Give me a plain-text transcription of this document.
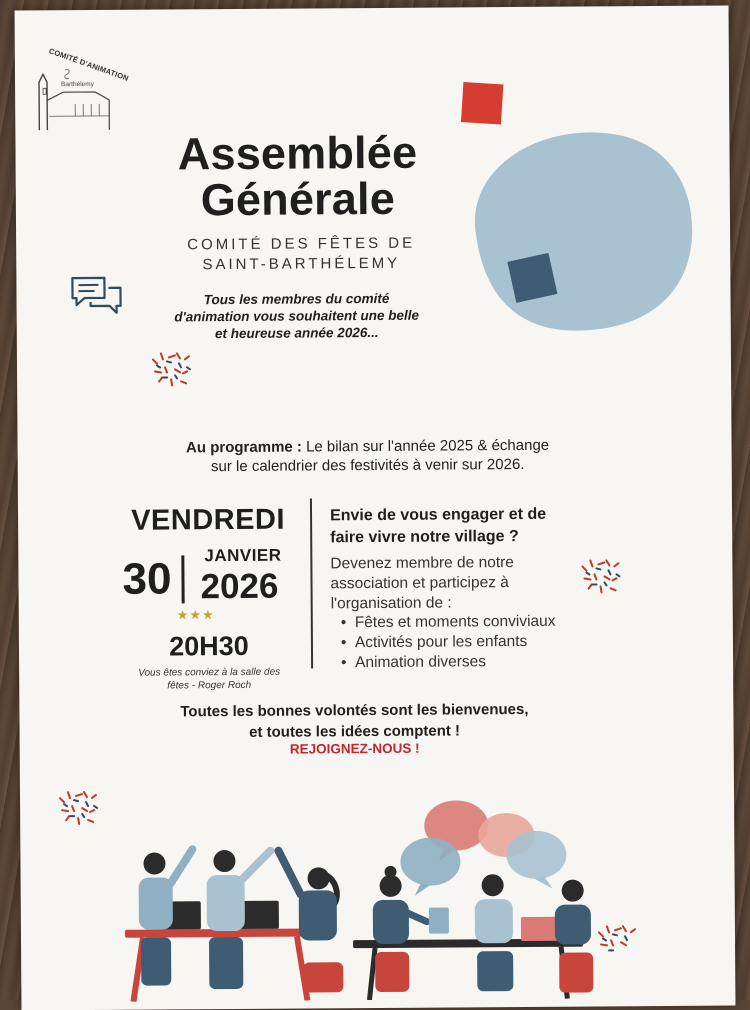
COMITÉ D'ANIMATION
Barthélemy
Assemblée
Générale
COMITÉ DES FÊTES DE
SAINT-BARTHÉLEMY
Tous les membres du comité
d'animation vous souhaitent une belle
et heureuse année 2026...
Au programme : Le bilan sur l'année 2025 & échange
sur le calendrier des festivités à venir sur 2026.
VENDREDI
30 JANVIER
2026
★★★
20H30
Vous êtes conviez à la salle des
fêtes - Roger Roch
Envie de vous engager et de
faire vivre notre village ?
Devenez membre de notre
association et participez à
l'organisation de :
• Fêtes et moments conviviaux
• Activités pour les enfants
• Animation diverses
Toutes les bonnes volontés sont les bienvenues,
et toutes les idées comptent !
REJOIGNEZ-NOUS !
